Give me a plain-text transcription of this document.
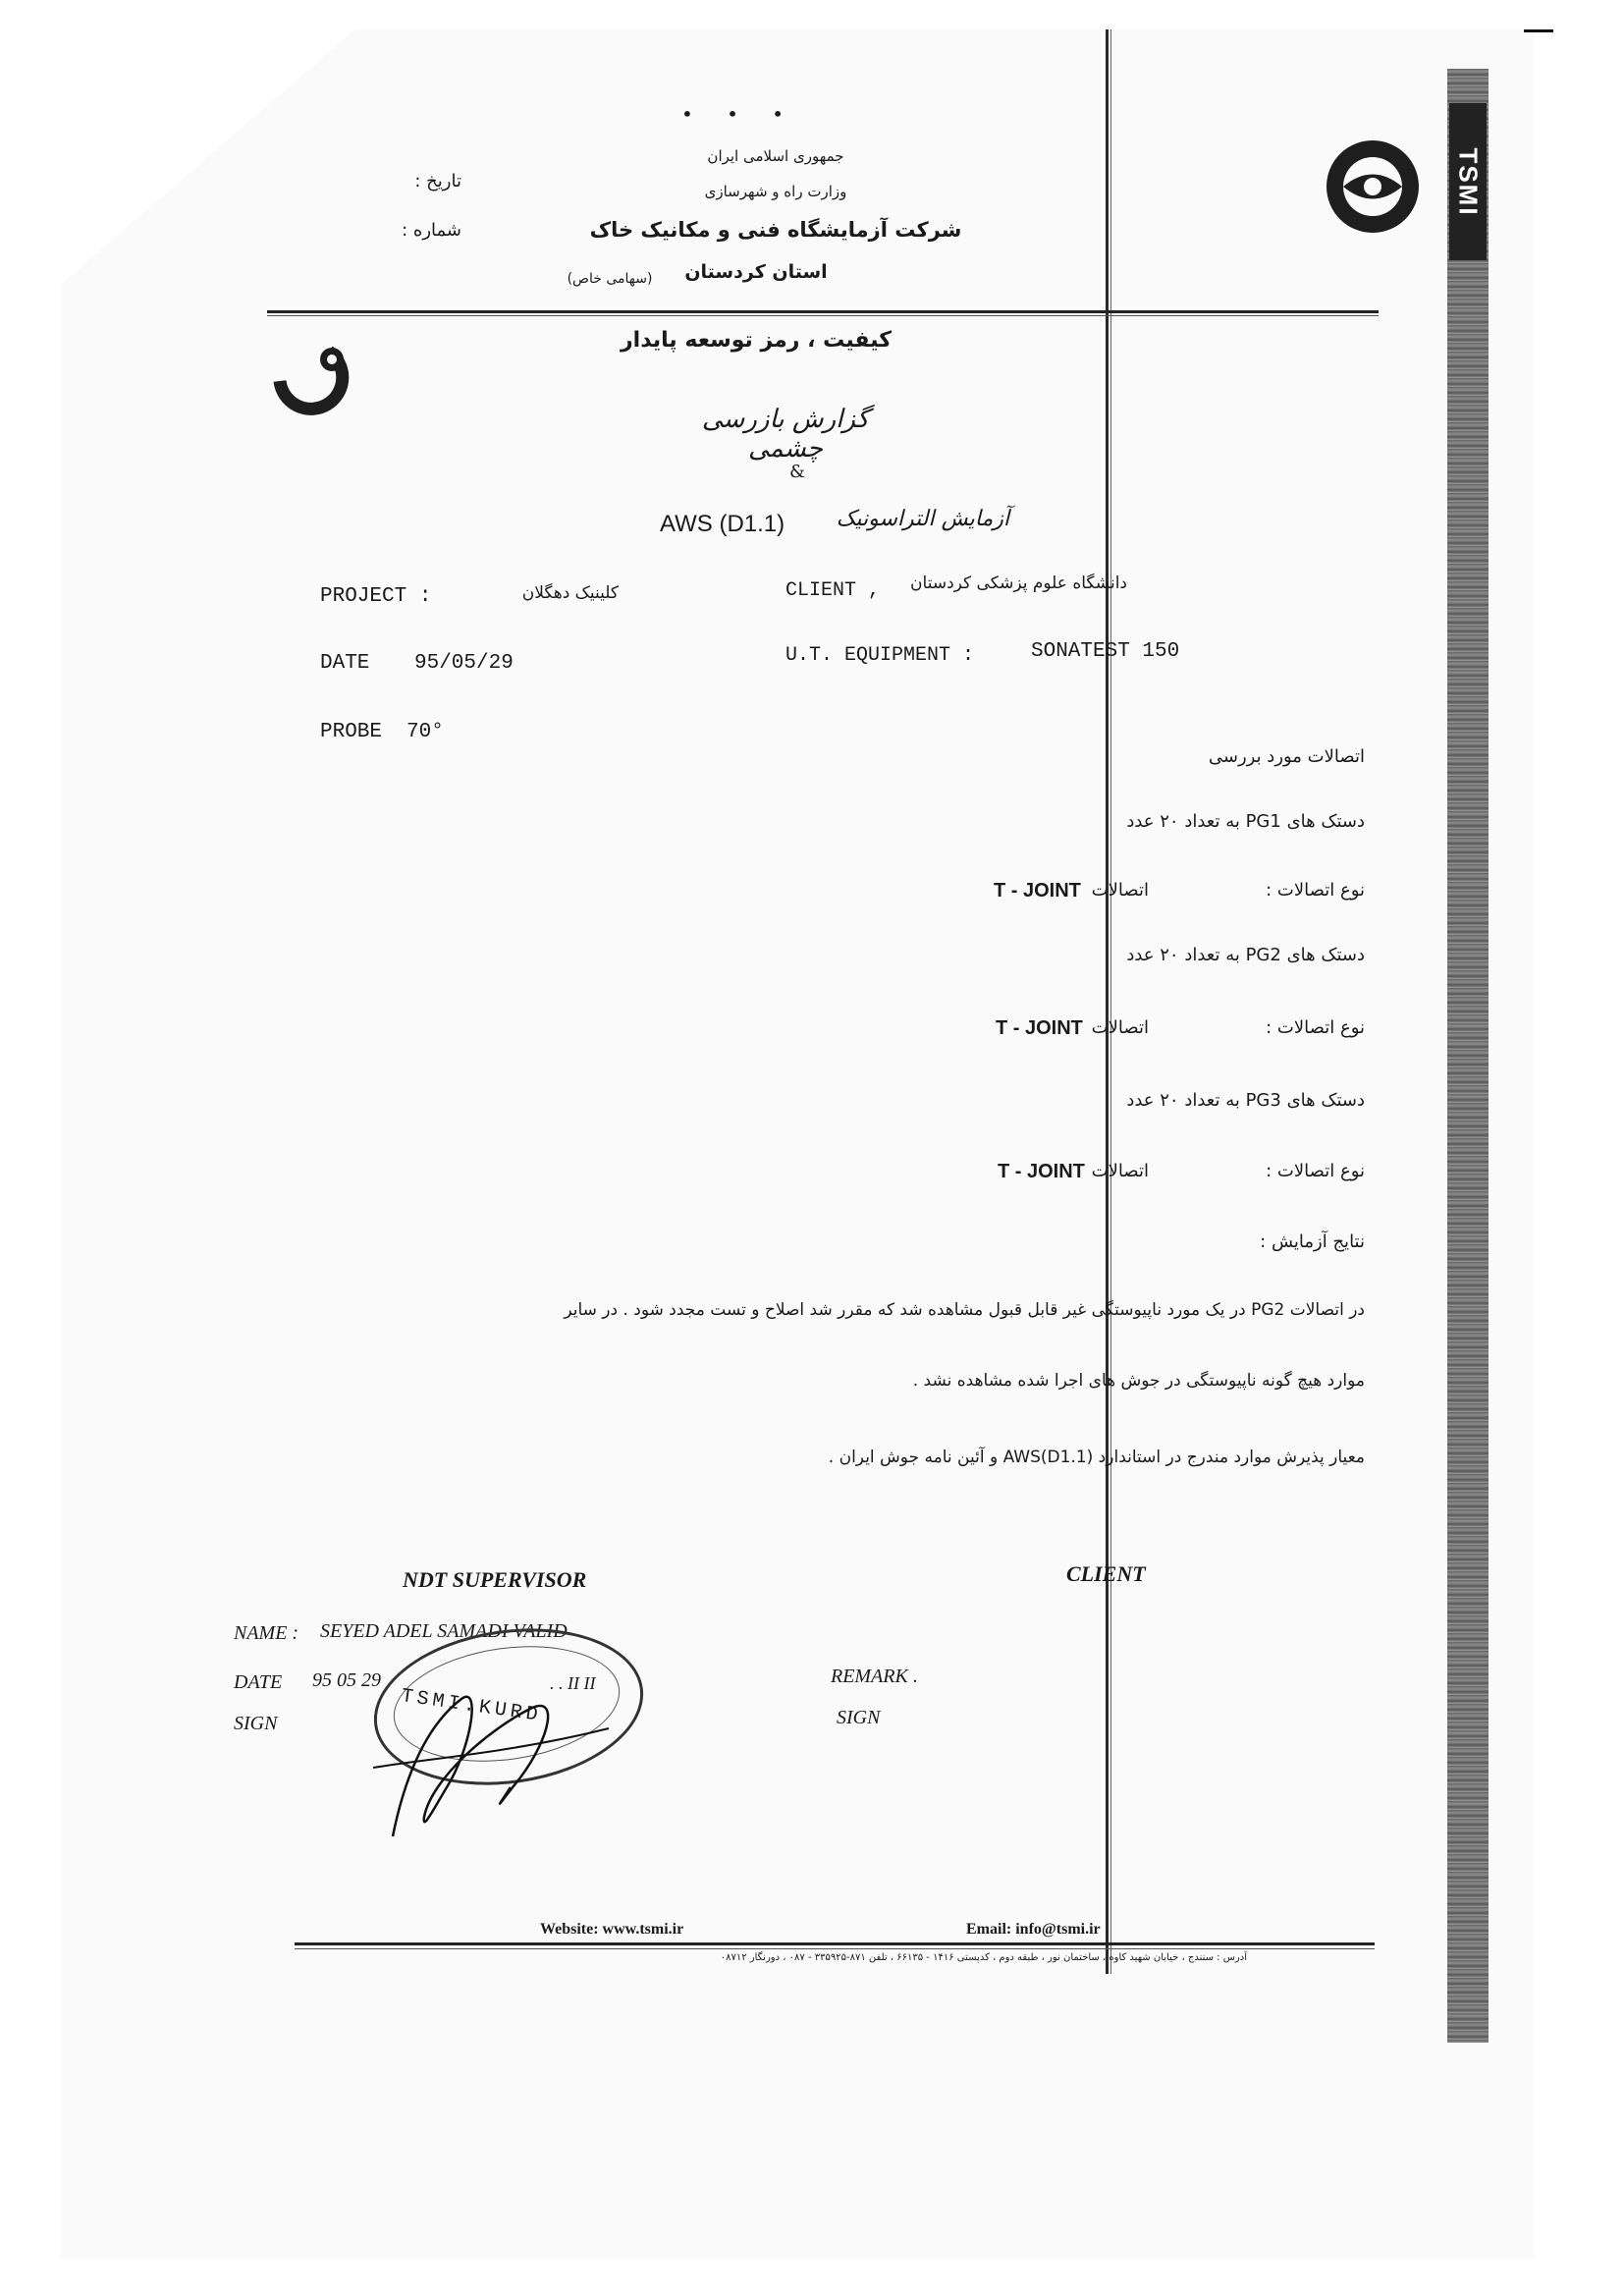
TSMI
تاریخ :
شماره :
• • •
جمهوری اسلامی ایران
وزارت راه و شهرسازی
شرکت آزمایشگاه فنی و مکانیک خاک
استان کردستان
(سهامی خاص)
کیفیت ، رمز توسعه پایدار
گزارش بازرسی چشمی
&
AWS (D1.1)	آزمایش التراسونیک
PROJECT :	کلینیک دهگلان	CLIENT ,	دانشگاه علوم پزشکی کردستان
DATE 95/05/29	U.T. EQUIPMENT :	SONATEST 150
PROBE 70°
اتصالات مورد بررسی
دستک های PG1 به تعداد ۲۰ عدد
نوع اتصالات :
اتصالات
T - JOINT
دستک های PG2 به تعداد ۲۰ عدد
نوع اتصالات :
اتصالات
T - JOINT
دستک های PG3 به تعداد ۲۰ عدد
نوع اتصالات :
اتصالات
T - JOINT
نتایج آزمایش :
در اتصالات PG2 در یک مورد ناپیوستگی غیر قابل قبول مشاهده شد که مقرر شد اصلاح و تست مجدد شود . در سایر
موارد هیچ گونه ناپیوستگی در جوش های اجرا شده مشاهده نشد .
معیار پذیرش موارد مندرج در استاندارد AWS(D1.1) و آئین نامه جوش ایران .
NDT SUPERVISOR
NAME : SEYED ADEL SAMADI VALID
DATE 95 05 29	. . II II
SIGN	TSMI.KURD
CLIENT
REMARK .
SIGN
Website: www.tsmi.ir	Email: info@tsmi.ir
آدرس : سنندج ، خیابان شهید کاوه ، ساختمان نور ، طبقه دوم ، کدپستی ۱۴۱۶ - ۶۶۱۳۵ ، تلفن ۸۷۱-۳۳۵۹۲۵ - ۰۸۷ ، دورنگار ۰۸۷۱۲
